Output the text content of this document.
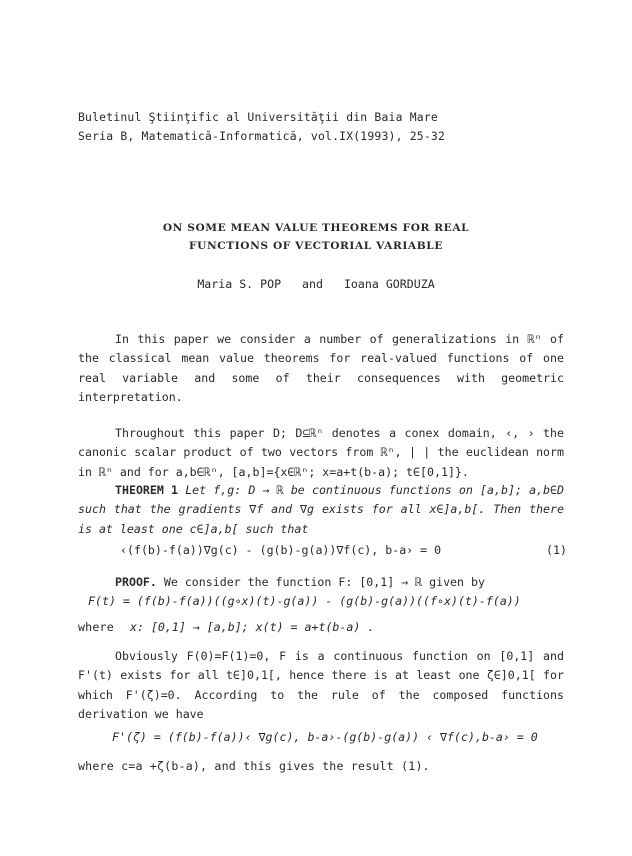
Buletinul Ştiinţific al Universităţii din Baia Mare
Seria B, Matematică-Informatică, vol.IX(1993), 25-32
ON SOME MEAN VALUE THEOREMS FOR REAL
FUNCTIONS OF VECTORIAL VARIABLE
Maria S. POP and Ioana GORDUZA

In this paper we consider a number of generalizations in ℝⁿ of the classical mean value theorems for real-valued functions of one real variable and some of their consequences with geometric interpretation.

Throughout this paper D; D⊆ℝⁿ denotes a conex domain, ‹, › the canonic scalar product of two vectors from ℝⁿ, | | the euclidean norm in ℝⁿ and for a,b∈ℝⁿ, [a,b]={x∈ℝⁿ; x=a+t(b-a); t∈[0,1]}.

THEOREM 1 Let f,g: D → ℝ be continuous functions on [a,b]; a,b∈D such that the gradients ∇f and ∇g exists for all x∈]a,b[. Then there is at least one c∈]a,b[ such that

‹(f(b)-f(a))∇g(c) - (g(b)-g(a))∇f(c), b-a› = 0	(1)

PROOF. We consider the function F: [0,1] → ℝ given by

F(t) = (f(b)-f(a))((g∘x)(t)-g(a)) - (g(b)-g(a))((f∘x)(t)-f(a))
where x: [0,1] → [a,b]; x(t) = a+t(b-a) .

Obviously F(0)=F(1)=0, F is a continuous function on [0,1] and F'(t) exists for all t∈]0,1[, hence there is at least one ζ∈]0,1[ for which F'(ζ)=0. According to the rule of the composed functions derivation we have

F'(ζ) = (f(b)-f(a))‹ ∇g(c), b-a›-(g(b)-g(a)) ‹ ∇f(c),b-a› = 0
where c=a +ζ(b-a), and this gives the result (1).
